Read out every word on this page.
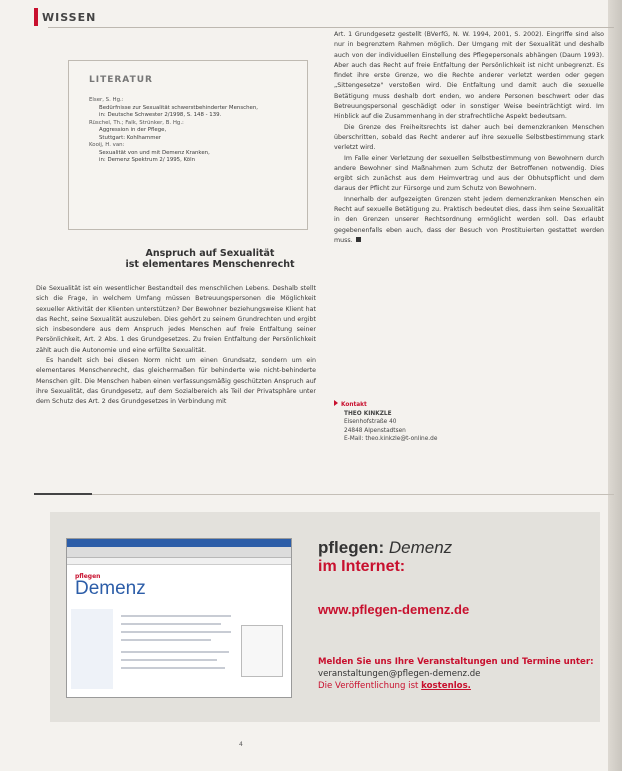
WISSEN
LITERATUR
Elser, S. Hg.:
Bedürfnisse zur Sexualität schwerstbehinderter Menschen,
in: Deutsche Schwester 2/1998, S. 148 - 139.
Rüschel, Th.; Falk, Strünker, B. Hg.:
Aggression in der Pflege,
Stuttgart: Kohlhammer
Kooij, H. van:
Sexualität von und mit Demenz Kranken,
in: Demenz Spektrum 2/ 1995, Köln
Anspruch auf Sexualität
ist elementares Menschenrecht

Die Sexualität ist ein wesentlicher Bestandteil des menschlichen Lebens. Deshalb stellt sich die Frage, in welchem Umfang müssen Betreuungspersonen die Möglichkeit sexueller Aktivität der Klienten unterstützen? Der Bewohner beziehungsweise Klient hat das Recht, seine Sexualität auszuleben. Dies gehört zu seinem Grundrechten und ergibt sich insbesondere aus dem Anspruch jedes Menschen auf freie Entfaltung seiner Persönlichkeit, Art. 2 Abs. 1 des Grundgesetzes. Zu freien Entfaltung der Persönlichkeit zählt auch die Autonomie und eine erfüllte Sexualität.

Es handelt sich bei diesen Norm nicht um einen Grundsatz, sondern um ein elementares Menschenrecht, das gleichermaßen für behinderte wie nicht-behinderte Menschen gilt. Die Menschen haben einen verfassungsmäßig geschützten Anspruch auf ihre Sexualität, das Grundgesetz, auf dem Sozialbereich als Teil der Privatsphäre unter dem Schutz des Art. 2 des Grundgesetzes in Verbindung mit

Art. 1 Grundgesetz gestellt (BVerfG, N. W. 1994, 2001, S. 2002). Eingriffe sind also nur in begrenztem Rahmen möglich. Der Umgang mit der Sexualität und deshalb auch von der individuellen Einstellung des Pflegepersonals abhängen (Daum 1993). Aber auch das Recht auf freie Entfaltung der Persönlichkeit ist nicht unbegrenzt. Es findet ihre erste Grenze, wo die Rechte anderer verletzt werden oder gegen „Sittengesetze" verstoßen wird. Die Entfaltung und damit auch die sexuelle Betätigung muss deshalb dort enden, wo andere Personen beschwert oder das Betreuungspersonal geschädigt oder in sonstiger Weise beeinträchtigt wird. Im Hinblick auf die Zusammenhang in der strafrechtliche Aspekt bedeutsam.

Die Grenze des Freiheitsrechts ist daher auch bei demenzkranken Menschen überschritten, sobald das Recht anderer auf ihre sexuelle Selbstbestimmung stark verletzt wird.

Im Falle einer Verletzung der sexuellen Selbstbestimmung von Bewohnern durch andere Bewohner sind Maßnahmen zum Schutz der Betroffenen notwendig. Dies ergibt sich zunächst aus dem Heimvertrag und aus der Obhutspflicht und dem daraus der Pflicht zur Fürsorge und zum Schutz von Bewohnern.

Innerhalb der aufgezeigten Grenzen steht jedem demenzkranken Menschen ein Recht auf sexuelle Betätigung zu. Praktisch bedeutet dies, dass ihm seine Sexualität in den Grenzen unserer Rechtsordnung ermöglicht werden soll. Das erlaubt gegebenenfalls eben auch, dass der Besuch von Prostituierten gestattet werden muss.

Kontakt
THEO KINKZLE
Eisenhofstraße 40
24848 Alpenstadtsen
E-Mail: theo.kinkzle@t-online.de
pflegen
Demenz
pflegen: Demenz
im Internet:
www.pflegen-demenz.de
Melden Sie uns Ihre Veranstaltungen und Termine unter:
veranstaltungen@pflegen-demenz.de
Die Veröffentlichung ist kostenlos.
4
